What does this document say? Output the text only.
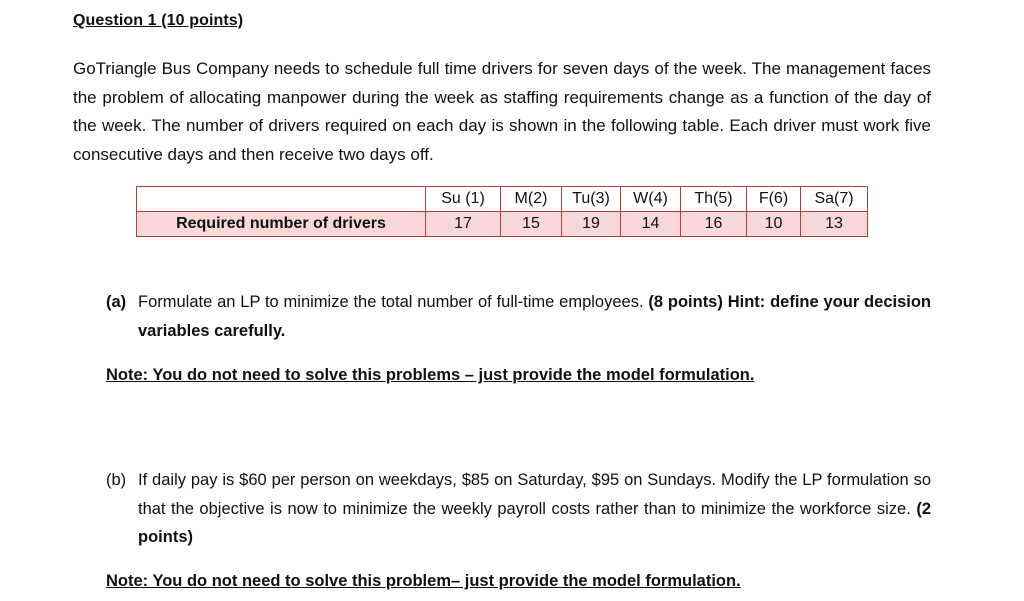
Question 1 (10 points)
GoTriangle Bus Company needs to schedule full time drivers for seven days of the week. The management faces the problem of allocating manpower during the week as staffing requirements change as a function of the day of the week. The number of drivers required on each day is shown in the following table. Each driver must work five consecutive days and then receive two days off.
	Su (1)	M(2)	Tu(3)	W(4)	Th(5)	F(6)	Sa(7)
Required number of drivers	17	15	19	14	16	10	13
(a) Formulate an LP to minimize the total number of full-time employees. (8 points) Hint: define your decision variables carefully.
Note: You do not need to solve this problems – just provide the model formulation.
(b) If daily pay is $60 per person on weekdays, $85 on Saturday, $95 on Sundays. Modify the LP formulation so that the objective is now to minimize the weekly payroll costs rather than to minimize the workforce size. (2 points)
Note: You do not need to solve this problem– just provide the model formulation.
